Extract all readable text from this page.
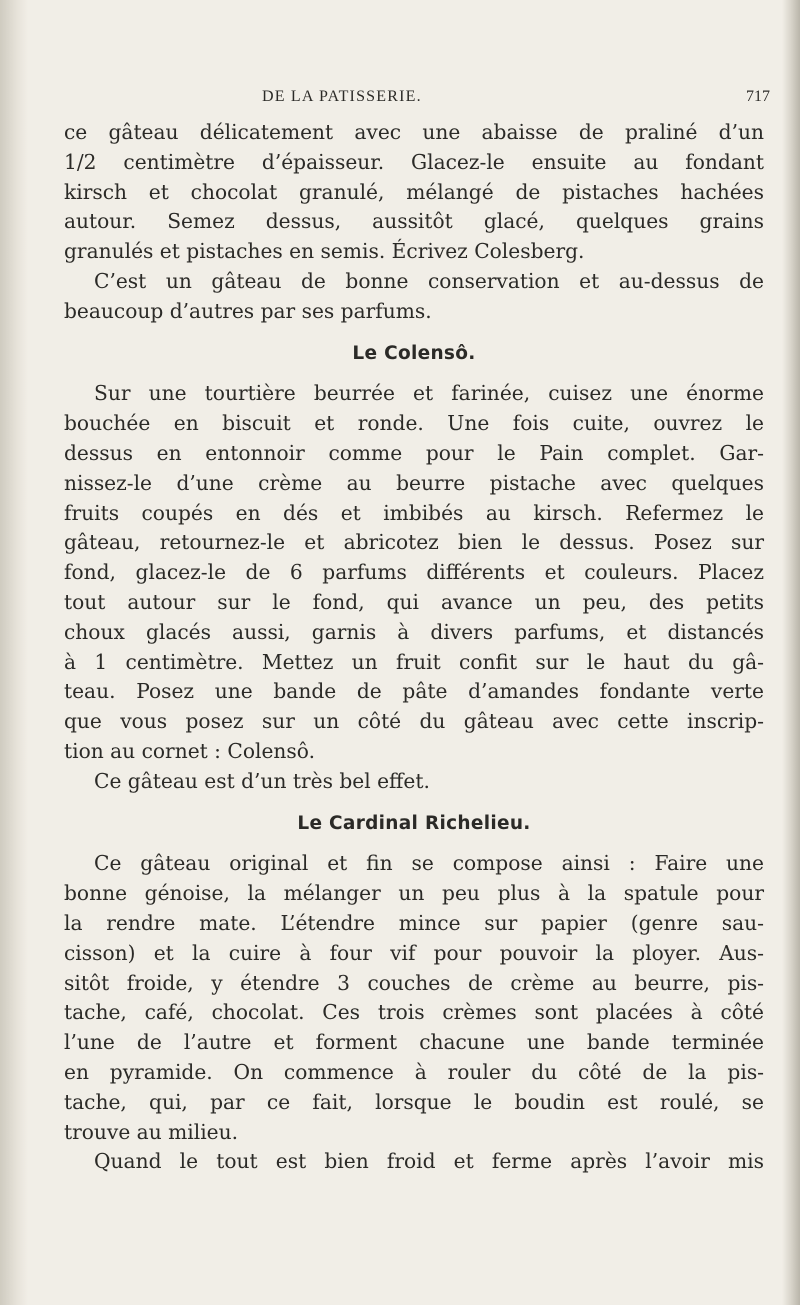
DE LA PATISSERIE.	717
ce gâteau délicatement avec une abaisse de praliné d’un
1/2 centimètre d’épaisseur. Glacez-le ensuite au fondant
kirsch et chocolat granulé, mélangé de pistaches hachées
autour. Semez dessus, aussitôt glacé, quelques grains
granulés et pistaches en semis. Écrivez Colesberg.
C’est un gâteau de bonne conservation et au-dessus de
beaucoup d’autres par ses parfums.
Le Colensô.
Sur une tourtière beurrée et farinée, cuisez une énorme
bouchée en biscuit et ronde. Une fois cuite, ouvrez le
dessus en entonnoir comme pour le Pain complet. Gar-
nissez-le d’une crème au beurre pistache avec quelques
fruits coupés en dés et imbibés au kirsch. Refermez le
gâteau, retournez-le et abricotez bien le dessus. Posez sur
fond, glacez-le de 6 parfums différents et couleurs. Placez
tout autour sur le fond, qui avance un peu, des petits
choux glacés aussi, garnis à divers parfums, et distancés
à 1 centimètre. Mettez un fruit confit sur le haut du gâ-
teau. Posez une bande de pâte d’amandes fondante verte
que vous posez sur un côté du gâteau avec cette inscrip-
tion au cornet : Colensô.
Ce gâteau est d’un très bel effet.
Le Cardinal Richelieu.
Ce gâteau original et fin se compose ainsi : Faire une
bonne génoise, la mélanger un peu plus à la spatule pour
la rendre mate. L’étendre mince sur papier (genre sau-
cisson) et la cuire à four vif pour pouvoir la ployer. Aus-
sitôt froide, y étendre 3 couches de crème au beurre, pis-
tache, café, chocolat. Ces trois crèmes sont placées à côté
l’une de l’autre et forment chacune une bande terminée
en pyramide. On commence à rouler du côté de la pis-
tache, qui, par ce fait, lorsque le boudin est roulé, se
trouve au milieu.
Quand le tout est bien froid et ferme après l’avoir mis
